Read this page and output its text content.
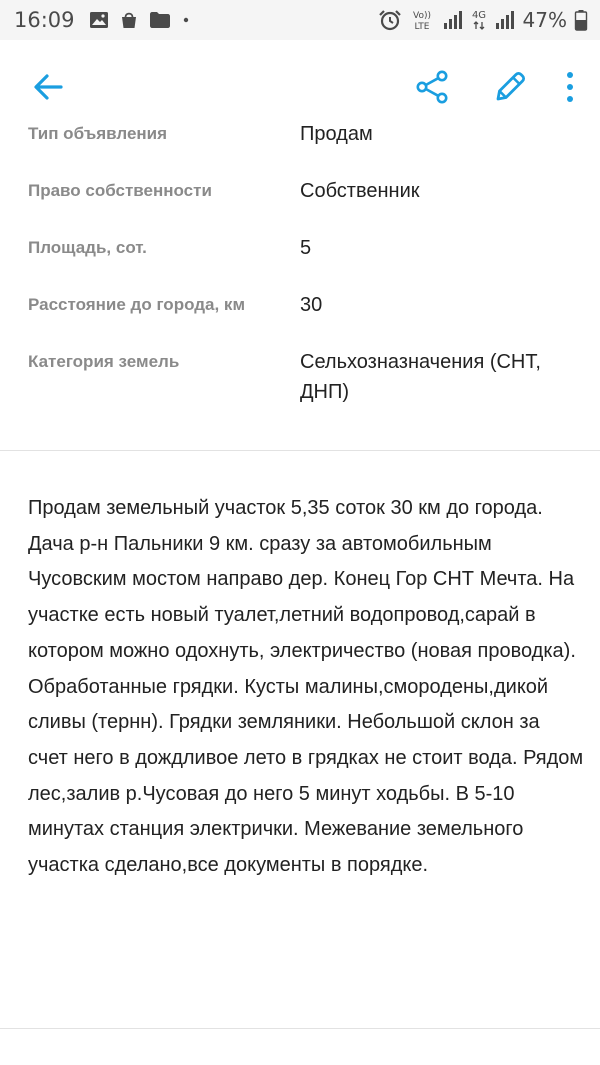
16:09	Vo))
LTE
4G 47%
Тип объявления	Продам
Право собственности	Собственник
Площадь, сот.	5
Расстояние до города, км	30
Категория земель	Сельхозназначения (СНТ, ДНП)

Продам земельный участок 5,35 соток 30 км до города. Дача р-н Пальники 9 км. сразу за автомобильным Чусовским мостом направо дер. Конец Гор СНТ Мечта. На участке есть новый туалет,летний водопровод,сарай в котором можно одохнуть, электричество (новая проводка). Обработанные грядки. Кусты малины,смородены,дикой сливы (тернн). Грядки земляники. Небольшой склон за счет него в дождливое лето в грядках не стоит вода. Рядом лес,залив р.Чусовая до него 5 минут ходьбы. В 5-10 минутах станция электрички. Межевание земельного участка сделано,все документы в порядке.
